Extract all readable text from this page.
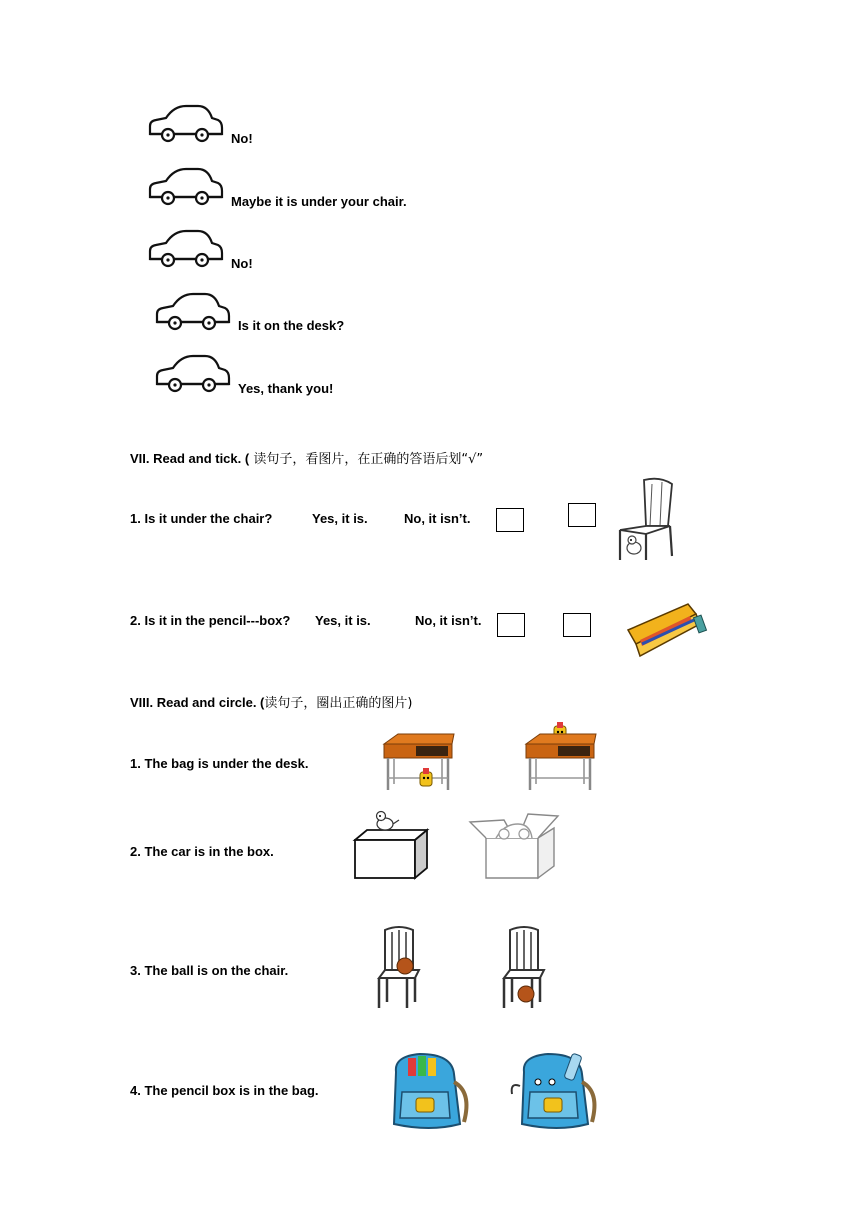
No!
Maybe it is under your chair.
No!
Is it on the desk?
Yes, thank you!
VII. Read and tick. ( 读句子，看图片，在正确的答语后划“√”
1. Is it under the chair?	Yes, it is.	No, it isn’t.
2. Is it in the pencil---box? Yes, it is.	No, it isn’t.
VIII. Read and circle. (读句子，圈出正确的图片)
1. The bag is under the desk.
2. The car is in the box.
3. The ball is on the chair.
4. The pencil box is in the bag.
